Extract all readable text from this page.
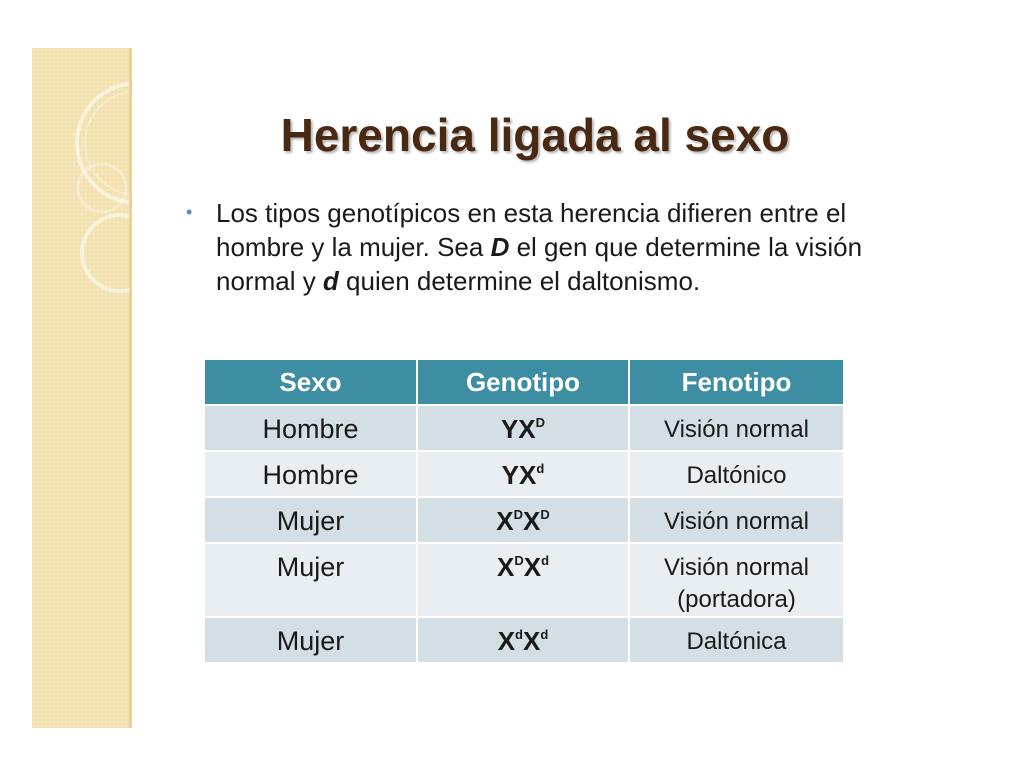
Herencia ligada al sexo
• Los tipos genotípicos en esta herencia difieren entre el hombre y la mujer. Sea D el gen que determine la visión normal y d quien determine el daltonismo.

Sexo	Genotipo	Fenotipo
Hombre	$YX^D$	Visión normal
Hombre	$YX^d$	Daltónico
Mujer	$X^DX^D$	Visión normal
Mujer	$X^DX^d$	Visión normal
(portadora)

Mujer	$X^dX^d$	Daltónica
